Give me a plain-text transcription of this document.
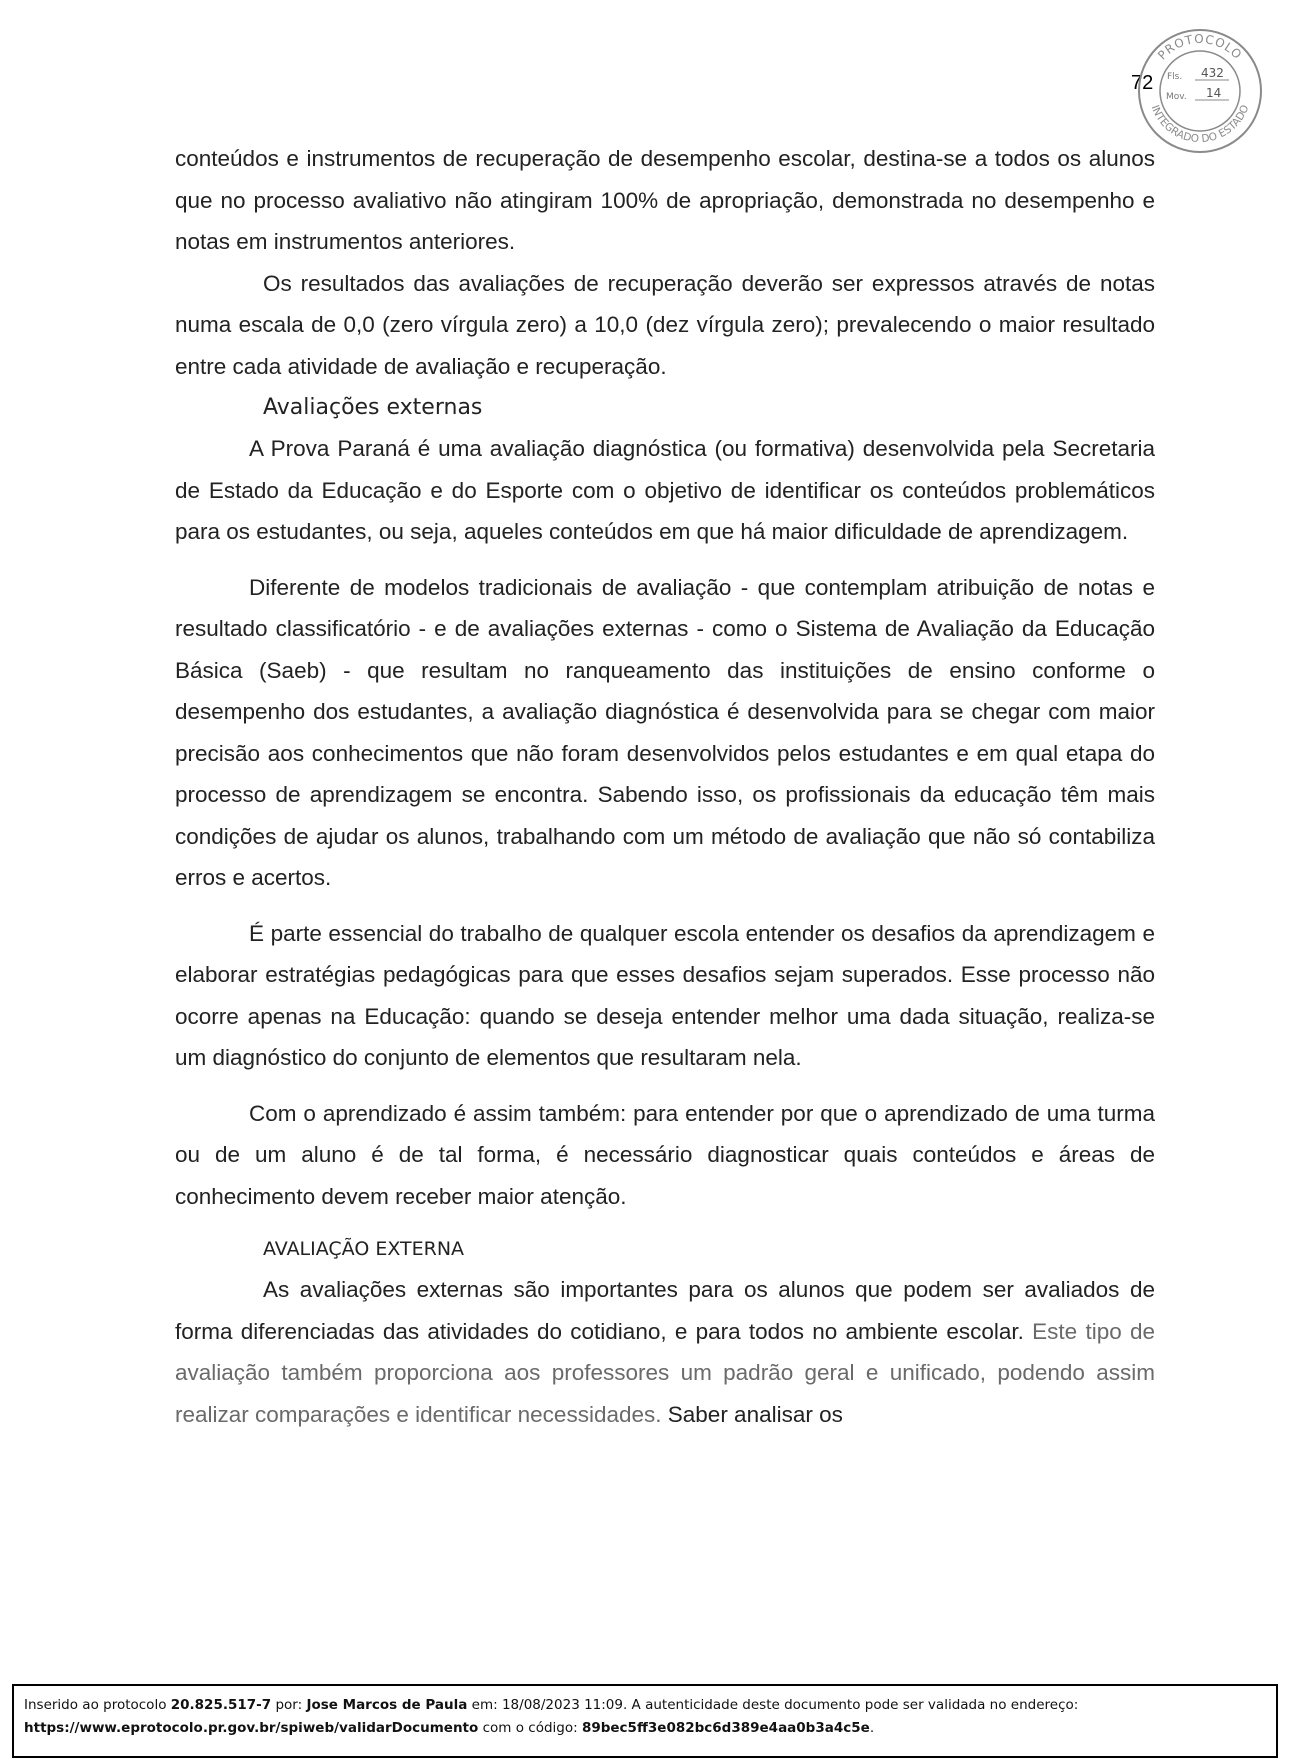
72
PROTOCOLO
INTEGRADO DO ESTADO
Fls. 432
Mov. 14

conteúdos e instrumentos de recuperação de desempenho escolar, destina-se a todos os alunos que no processo avaliativo não atingiram 100% de apropriação, demonstrada no desempenho e notas em instrumentos anteriores.

Os resultados das avaliações de recuperação deverão ser expressos através de notas numa escala de 0,0 (zero vírgula zero) a 10,0 (dez vírgula zero); prevalecendo o maior resultado entre cada atividade de avaliação e recuperação.

Avaliações externas

A Prova Paraná é uma avaliação diagnóstica (ou formativa) desenvolvida pela Secretaria de Estado da Educação e do Esporte com o objetivo de identificar os conteúdos problemáticos para os estudantes, ou seja, aqueles conteúdos em que há maior dificuldade de aprendizagem.

Diferente de modelos tradicionais de avaliação - que contemplam atribuição de notas e resultado classificatório - e de avaliações externas - como o Sistema de Avaliação da Educação Básica (Saeb) - que resultam no ranqueamento das instituições de ensino conforme o desempenho dos estudantes, a avaliação diagnóstica é desenvolvida para se chegar com maior precisão aos conhecimentos que não foram desenvolvidos pelos estudantes e em qual etapa do processo de aprendizagem se encontra. Sabendo isso, os profissionais da educação têm mais condições de ajudar os alunos, trabalhando com um método de avaliação que não só contabiliza erros e acertos.

É parte essencial do trabalho de qualquer escola entender os desafios da aprendizagem e elaborar estratégias pedagógicas para que esses desafios sejam superados. Esse processo não ocorre apenas na Educação: quando se deseja entender melhor uma dada situação, realiza-se um diagnóstico do conjunto de elementos que resultaram nela.

Com o aprendizado é assim também: para entender por que o aprendizado de uma turma ou de um aluno é de tal forma, é necessário diagnosticar quais conteúdos e áreas de conhecimento devem receber maior atenção.

AVALIAÇÃO EXTERNA

As avaliações externas são importantes para os alunos que podem ser avaliados de forma diferenciadas das atividades do cotidiano, e para todos no ambiente escolar. Este tipo de avaliação também proporciona aos professores um padrão geral e unificado, podendo assim realizar comparações e identificar necessidades. Saber analisar os

Inserido ao protocolo 20.825.517-7 por: Jose Marcos de Paula em: 18/08/2023 11:09. A autenticidade deste documento pode ser validada no endereço:
https://www.eprotocolo.pr.gov.br/spiweb/validarDocumento com o código: 89bec5ff3e082bc6d389e4aa0b3a4c5e.
